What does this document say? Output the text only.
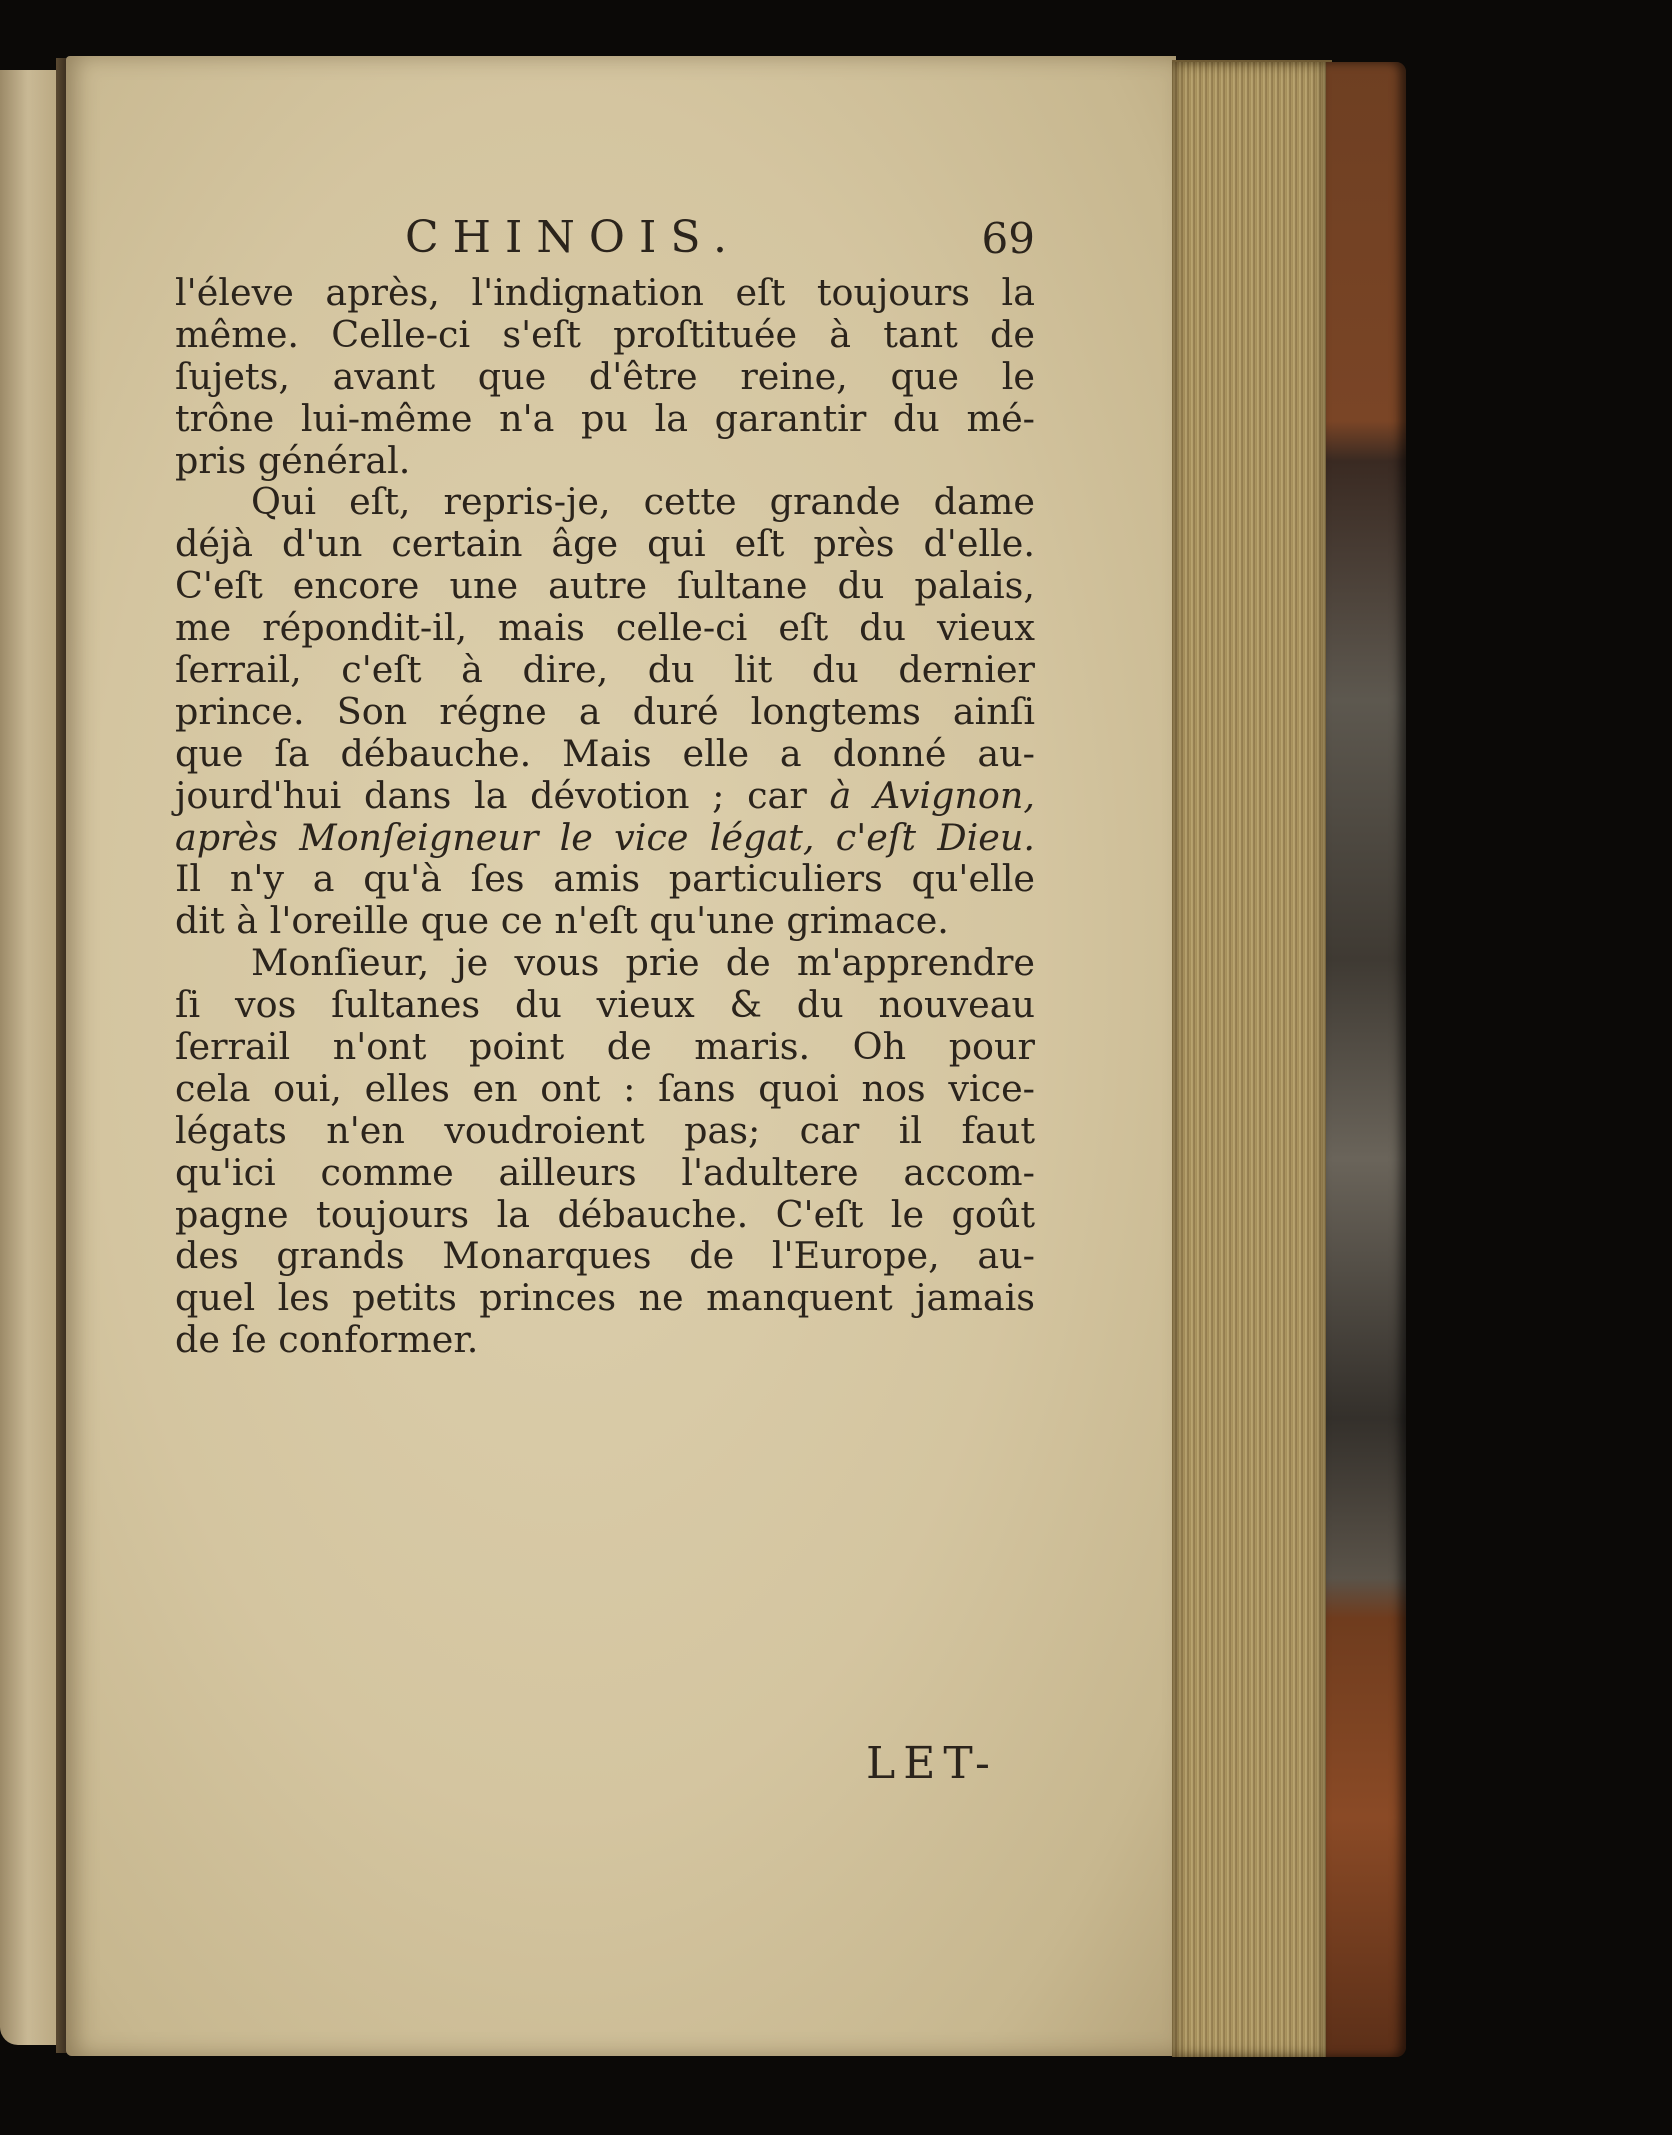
CHINOIS.	69
l'éleve après, l'indignation eſt toujours la
même. Celle-ci s'eſt proſtituée à tant de
ſujets, avant que d'être reine, que le
trône lui-même n'a pu la garantir du mé-
pris général.
Qui eſt, repris-je, cette grande dame
déjà d'un certain âge qui eſt près d'elle.
C'eſt encore une autre ſultane du palais,
me répondit-il, mais celle-ci eſt du vieux
ſerrail, c'eſt à dire, du lit du dernier
prince. Son régne a duré longtems ainſi
que ſa débauche. Mais elle a donné au-
jourd'hui dans la dévotion ; car à Avignon,
après Monſeigneur le vice légat, c'eſt Dieu.
Il n'y a qu'à ſes amis particuliers qu'elle
dit à l'oreille que ce n'eſt qu'une grimace.
Monſieur, je vous prie de m'apprendre
ſi vos ſultanes du vieux & du nouveau
ſerrail n'ont point de maris. Oh pour
cela oui, elles en ont : ſans quoi nos vice-
légats n'en voudroient pas; car il faut
qu'ici comme ailleurs l'adultere accom-
pagne toujours la débauche. C'eſt le goût
des grands Monarques de l'Europe, au-
quel les petits princes ne manquent jamais
de ſe conformer.
LET-
